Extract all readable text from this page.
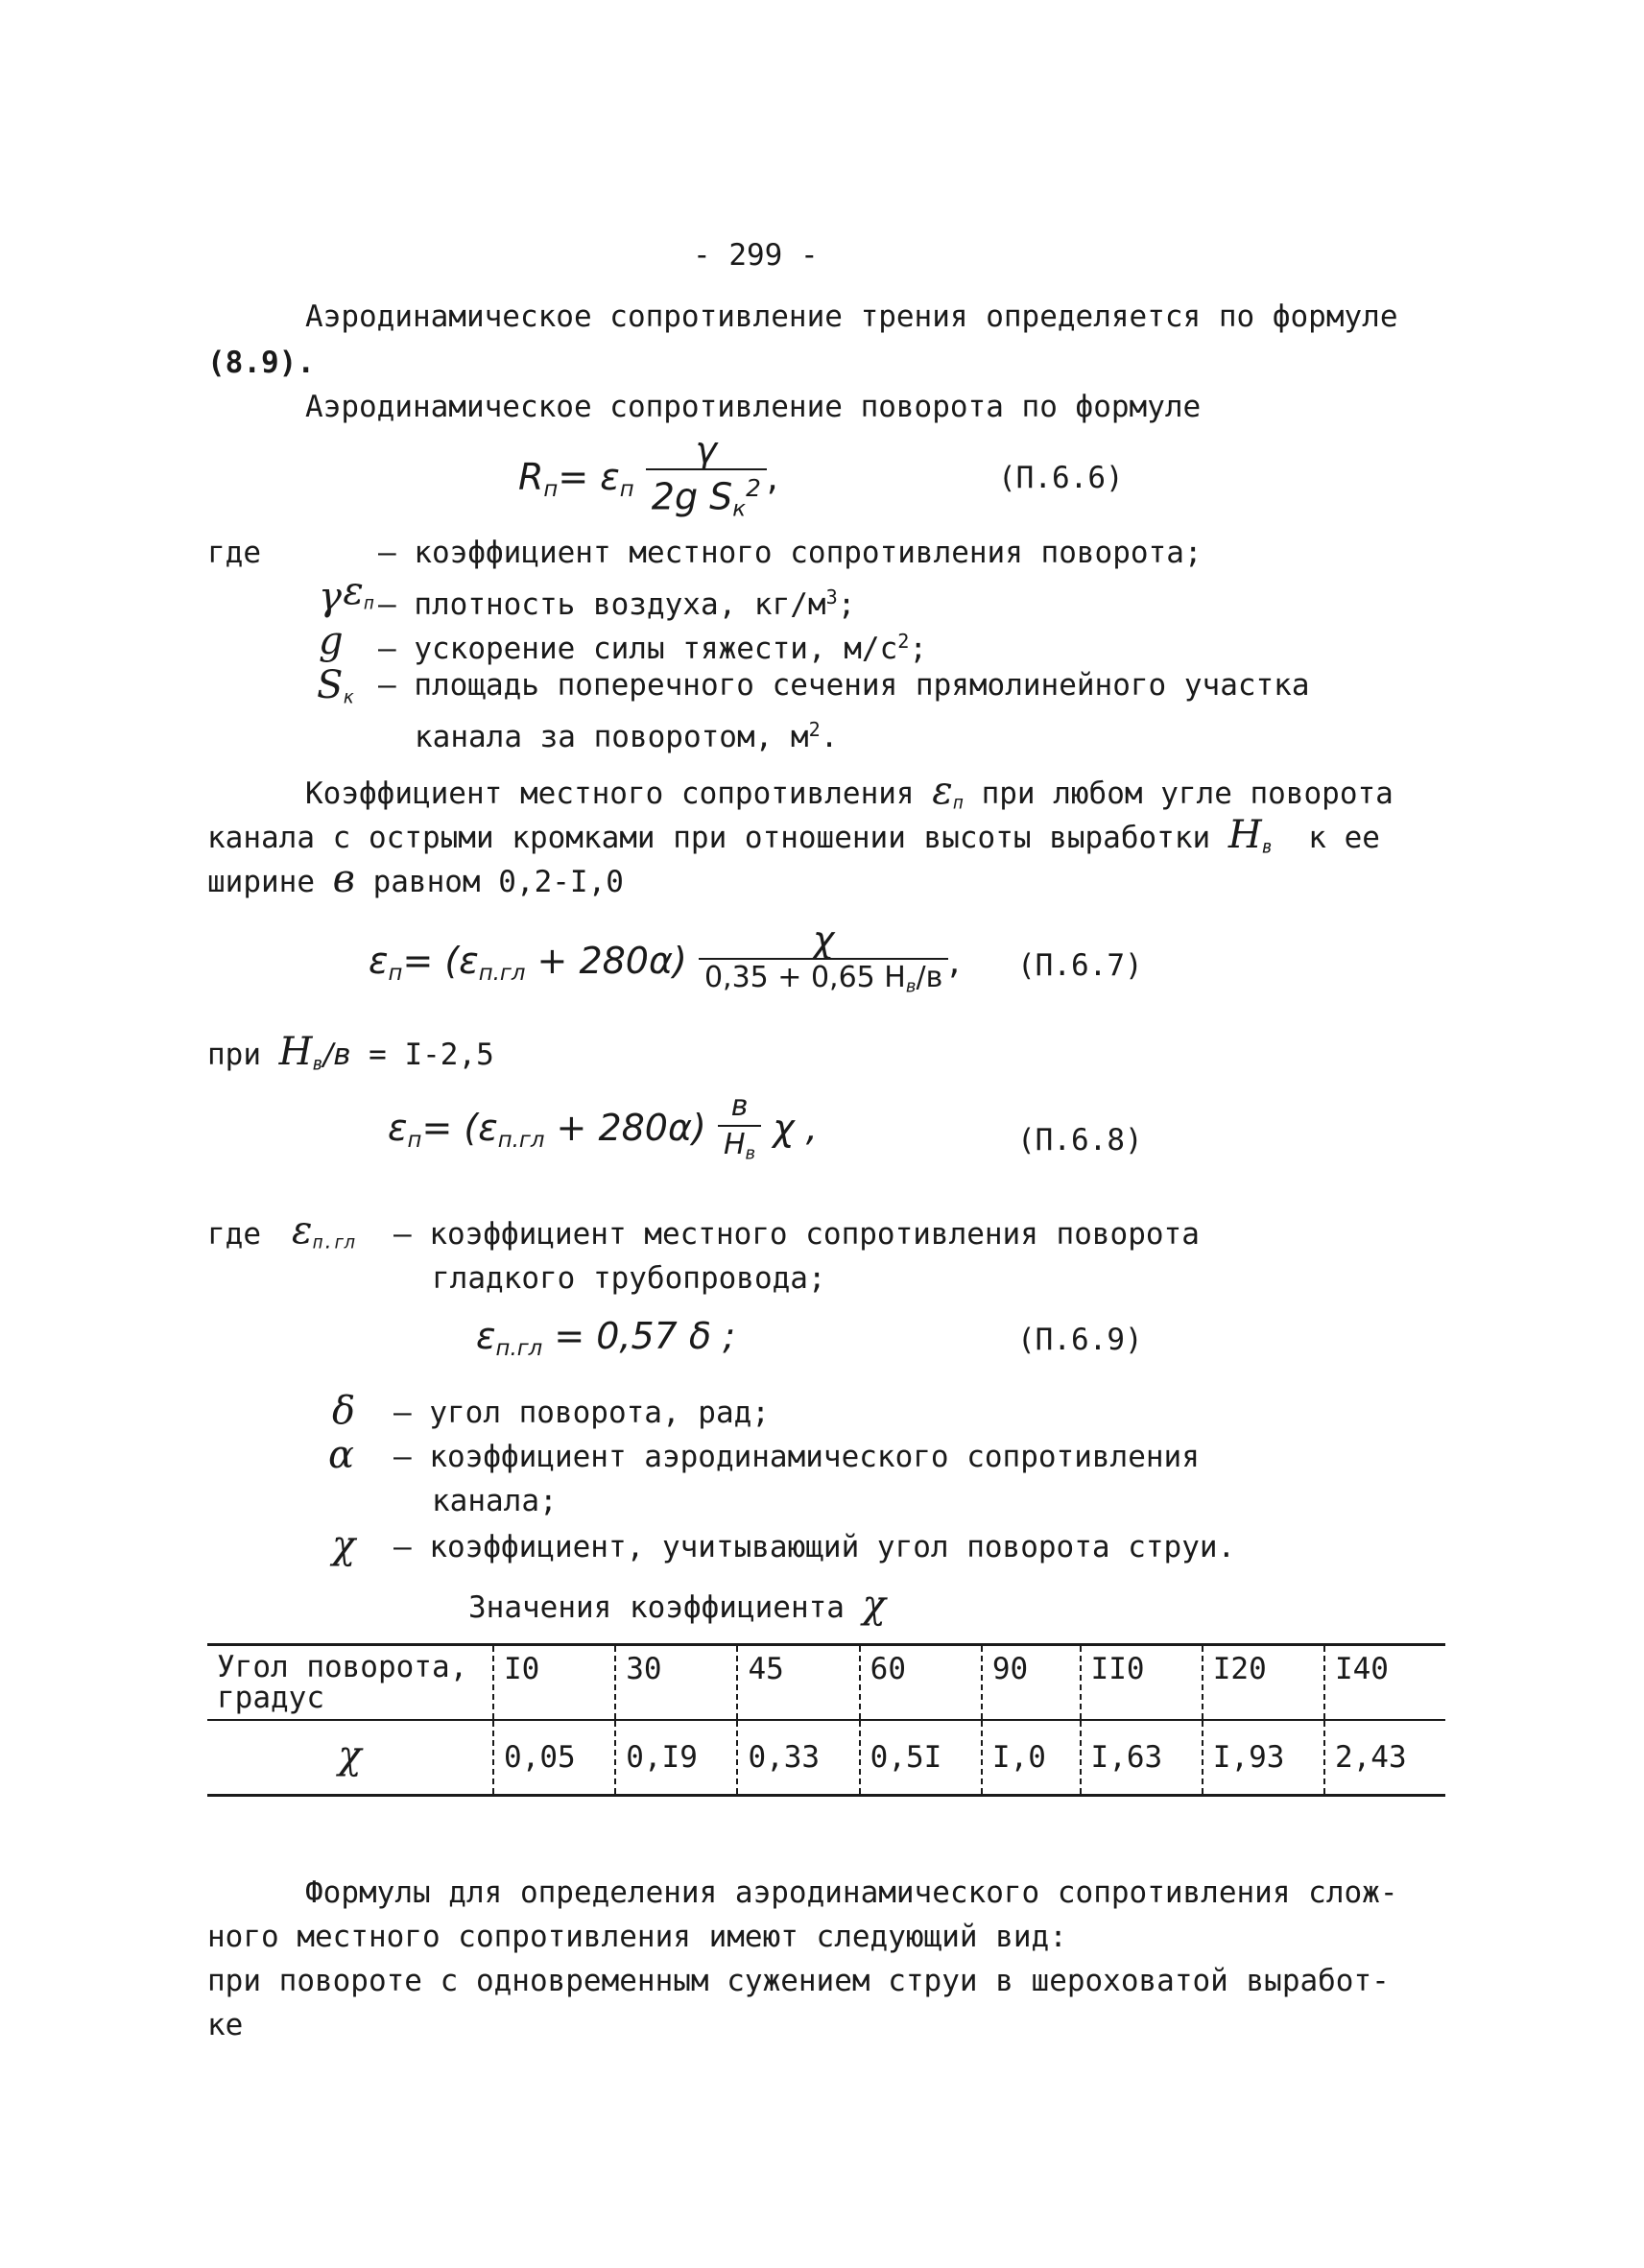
- 299 -
Аэродинамическое сопротивление трения определяется по формуле
(8.9).
Аэродинамическое сопротивление поворота по формуле
$R_п= \varepsilon_п \frac{\gamma}{2g S_к^2}$ ,	(П.6.6)
где

$\varepsilon_п$

– коэффициент местного сопротивления поворота;
γ – плотность воздуха, $кг/м^3$;
g – ускорение силы тяжести, $м/с^2$;
$S_к$ – площадь поперечного сечения прямолинейного участка
канала за поворотом, $м^2$.
Коэффициент местного сопротивления $\varepsilon_п$ при любом угле поворота
канала с острыми кромками при отношении высоты выработки $H_в$  к ее
ширине в равном 0,2-I,0
$\varepsilon_п= (\varepsilon_{п.гл} + 280\alpha) \frac{\chi}{0,35 + 0,65 H_в/в}$ , (П.6.7)
при $H_в/в = I-2,5$
$\varepsilon_п= (\varepsilon_{п.гл} + 280\alpha) \frac{в}{H_в}$ χ ,	(П.6.8)
где $\varepsilon_{п.гл}$ – коэффициент местного сопротивления поворота
гладкого трубопровода;
$\varepsilon_{п.гл} = 0,57$ δ ;	(П.6.9)
δ – угол поворота, рад;
α – коэффициент аэродинамического сопротивления
канала;
χ – коэффициент, учитывающий угол поворота струи.
Значения коэффициента χ
Угол поворота,
градус	I0	30	45	60	90	II0	I20	I40
χ	0,05	0,I9	0,33	0,5I	I,0	I,63	I,93	2,43
Формулы для определения аэродинамического сопротивления слож-
ного местного сопротивления имеют следующий вид:
при повороте с одновременным сужением струи в шероховатой выработ-
ке
